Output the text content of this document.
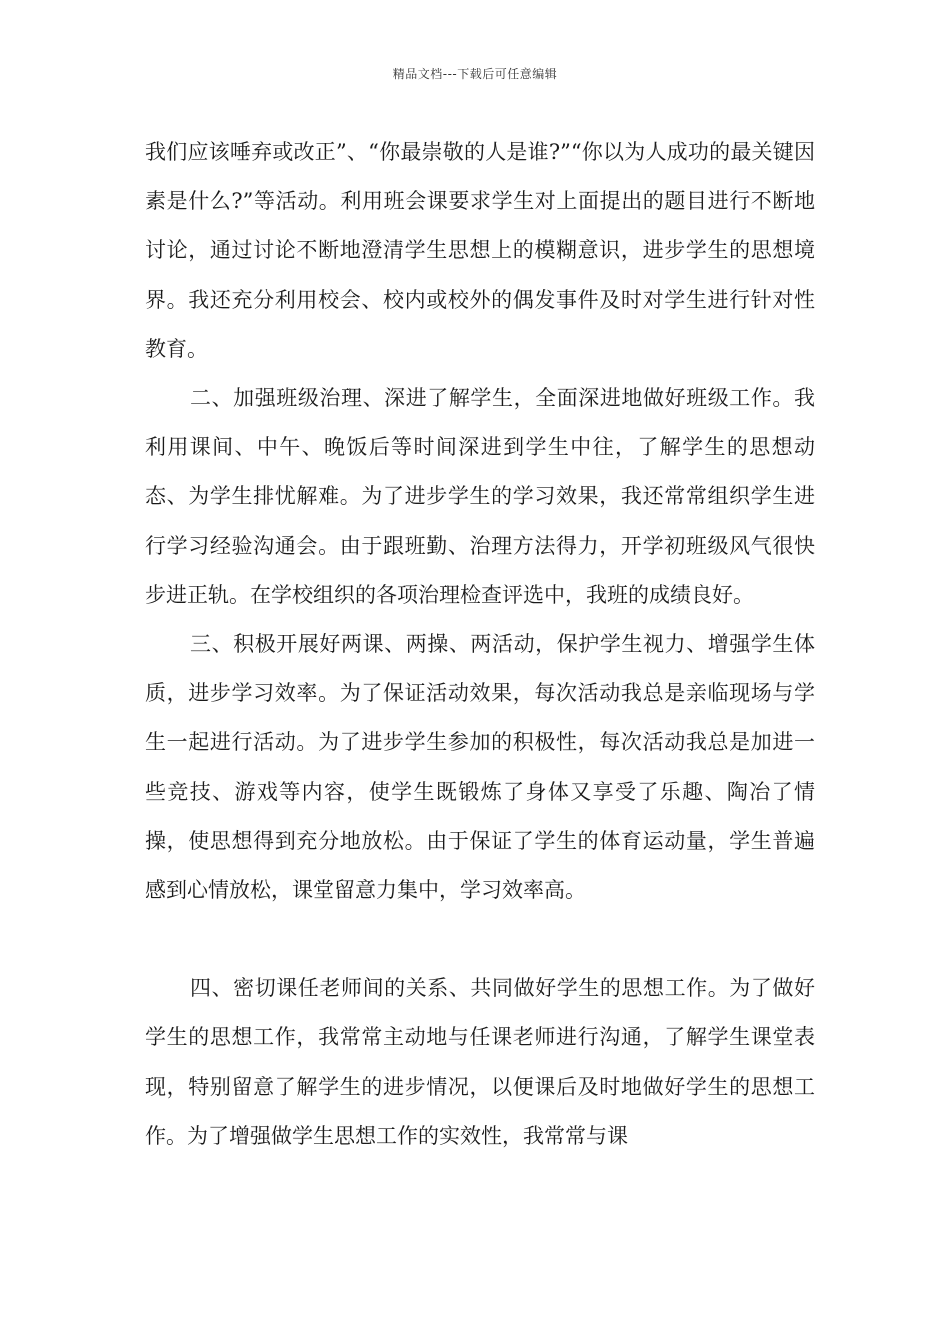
精品文档---下载后可任意编辑

我们应该唾弃或改正”、“你最崇敬的人是谁?”“你以为人成功的最关键因素是什么?”等活动。利用班会课要求学生对上面提出的题目进行不断地讨论，通过讨论不断地澄清学生思想上的模糊意识，进步学生的思想境界。我还充分利用校会、校内或校外的偶发事件及时对学生进行针对性教育。

二、加强班级治理、深进了解学生，全面深进地做好班级工作。我利用课间、中午、晚饭后等时间深进到学生中往，了解学生的思想动态、为学生排忧解难。为了进步学生的学习效果，我还常常组织学生进行学习经验沟通会。由于跟班勤、治理方法得力，开学初班级风气很快步进正轨。在学校组织的各项治理检查评选中，我班的成绩良好。

三、积极开展好两课、两操、两活动，保护学生视力、增强学生体质，进步学习效率。为了保证活动效果，每次活动我总是亲临现场与学生一起进行活动。为了进步学生参加的积极性，每次活动我总是加进一些竞技、游戏等内容，使学生既锻炼了身体又享受了乐趣、陶冶了情操，使思想得到充分地放松。由于保证了学生的体育运动量，学生普遍感到心情放松，课堂留意力集中，学习效率高。

四、密切课任老师间的关系、共同做好学生的思想工作。为了做好学生的思想工作，我常常主动地与任课老师进行沟通，了解学生课堂表现，特别留意了解学生的进步情况，以便课后及时地做好学生的思想工作。为了增强做学生思想工作的实效性，我常常与课
